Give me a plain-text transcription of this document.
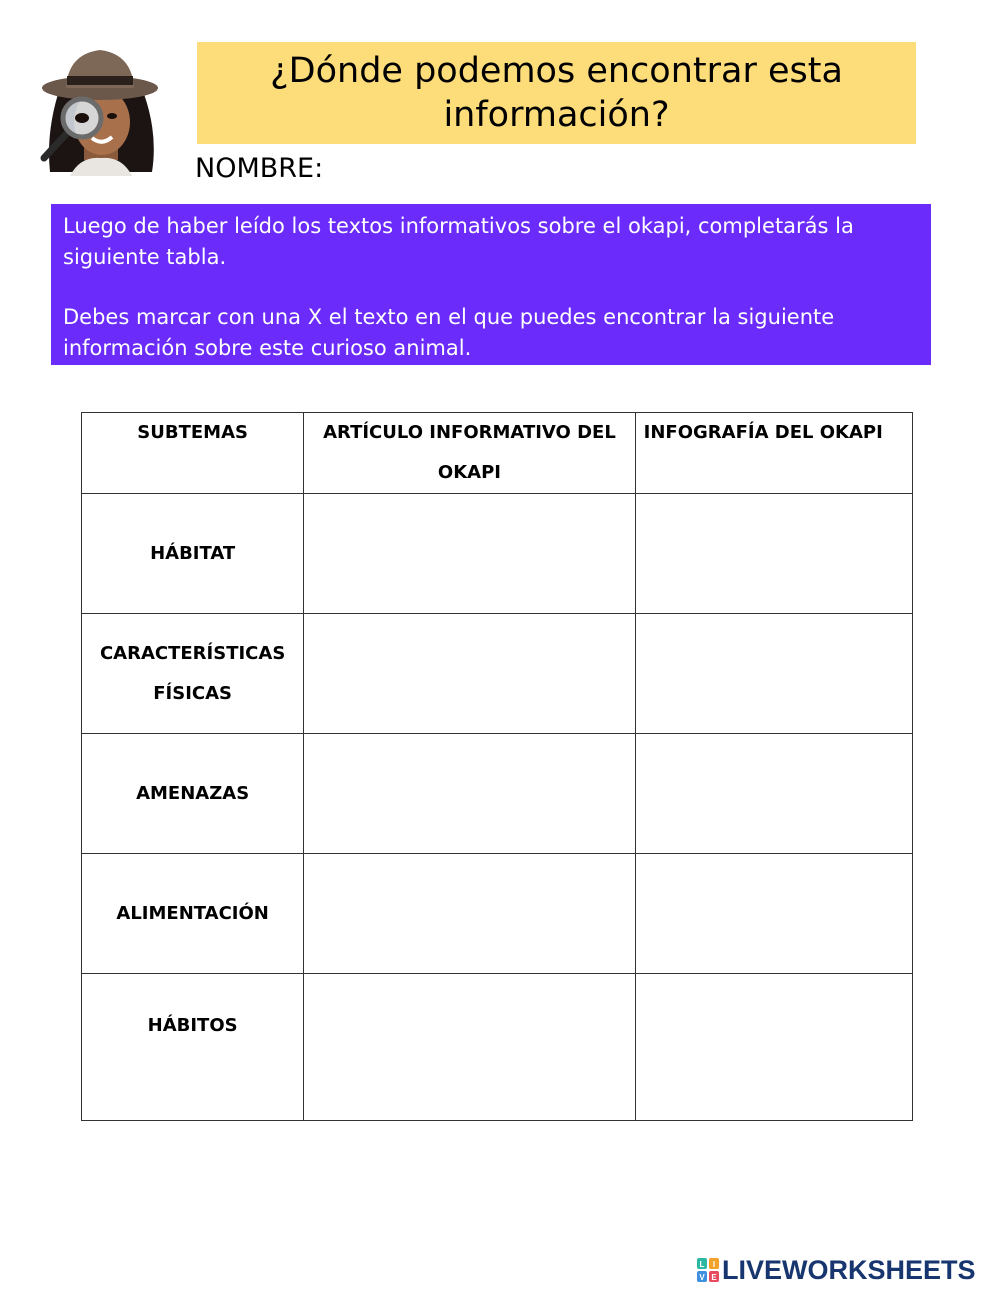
¿Dónde podemos encontrar esta información?
NOMBRE:

Luego de haber leído los textos informativos sobre el okapi, completarás la siguiente tabla.

Debes marcar con una X el texto en el que puedes encontrar la siguiente información sobre este curioso animal.

SUBTEMAS	ARTÍCULO INFORMATIVO DEL OKAPI	INFOGRAFÍA DEL OKAPI
HÁBITAT		
CARACTERÍSTICAS FÍSICAS		
AMENAZAS		
ALIMENTACIÓN		
HÁBITOS		
L I
V E LIVEWORKSHEETS
